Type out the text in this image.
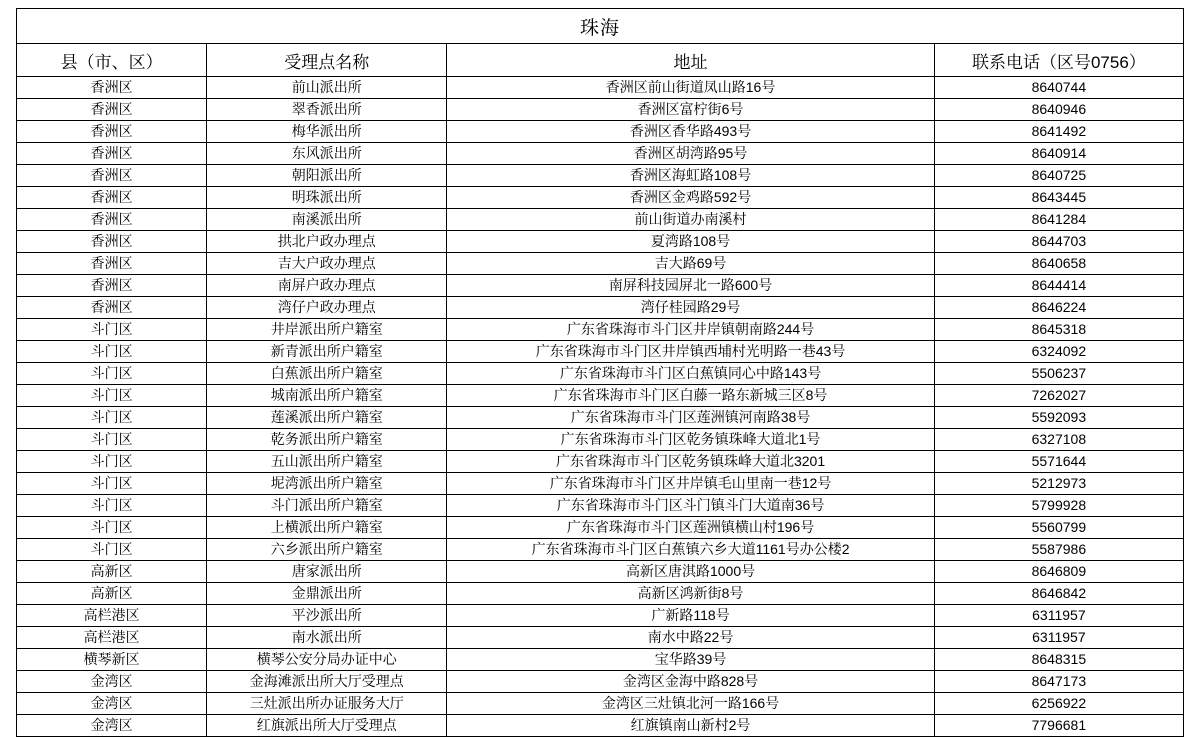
珠海			
县（市、区）	受理点名称	地址	联系电话（区号0756）
香洲区	前山派出所	香洲区前山街道凤山路16号	8640744
香洲区	翠香派出所	香洲区富柠街6号	8640946
香洲区	梅华派出所	香洲区香华路493号	8641492
香洲区	东风派出所	香洲区胡湾路95号	8640914
香洲区	朝阳派出所	香洲区海虹路108号	8640725
香洲区	明珠派出所	香洲区金鸡路592号	8643445
香洲区	南溪派出所	前山街道办南溪村	8641284
香洲区	拱北户政办理点	夏湾路108号	8644703
香洲区	吉大户政办理点	吉大路69号	8640658
香洲区	南屏户政办理点	南屏科技园屏北一路600号	8644414
香洲区	湾仔户政办理点	湾仔桂园路29号	8646224
斗门区	井岸派出所户籍室	广东省珠海市斗门区井岸镇朝南路244号	8645318
斗门区	新青派出所户籍室	广东省珠海市斗门区井岸镇西埔村光明路一巷43号	6324092
斗门区	白蕉派出所户籍室	广东省珠海市斗门区白蕉镇同心中路143号	5506237
斗门区	城南派出所户籍室	广东省珠海市斗门区白藤一路东新城三区8号	7262027
斗门区	莲溪派出所户籍室	广东省珠海市斗门区莲洲镇河南路38号	5592093
斗门区	乾务派出所户籍室	广东省珠海市斗门区乾务镇珠峰大道北1号	6327108
斗门区	五山派出所户籍室	广东省珠海市斗门区乾务镇珠峰大道北3201	5571644
斗门区	坭湾派出所户籍室	广东省珠海市斗门区井岸镇毛山里南一巷12号	5212973
斗门区	斗门派出所户籍室	广东省珠海市斗门区斗门镇斗门大道南36号	5799928
斗门区	上横派出所户籍室	广东省珠海市斗门区莲洲镇横山村196号	5560799
斗门区	六乡派出所户籍室	广东省珠海市斗门区白蕉镇六乡大道1161号办公楼2	5587986
高新区	唐家派出所	高新区唐淇路1000号	8646809
高新区	金鼎派出所	高新区鸿新街8号	8646842
高栏港区	平沙派出所	广新路118号	6311957
高栏港区	南水派出所	南水中路22号	6311957
横琴新区	横琴公安分局办证中心	宝华路39号	8648315
金湾区	金海滩派出所大厅受理点	金湾区金海中路828号	8647173
金湾区	三灶派出所办证服务大厅	金湾区三灶镇北河一路166号	6256922
金湾区	红旗派出所大厅受理点	红旗镇南山新村2号	7796681
